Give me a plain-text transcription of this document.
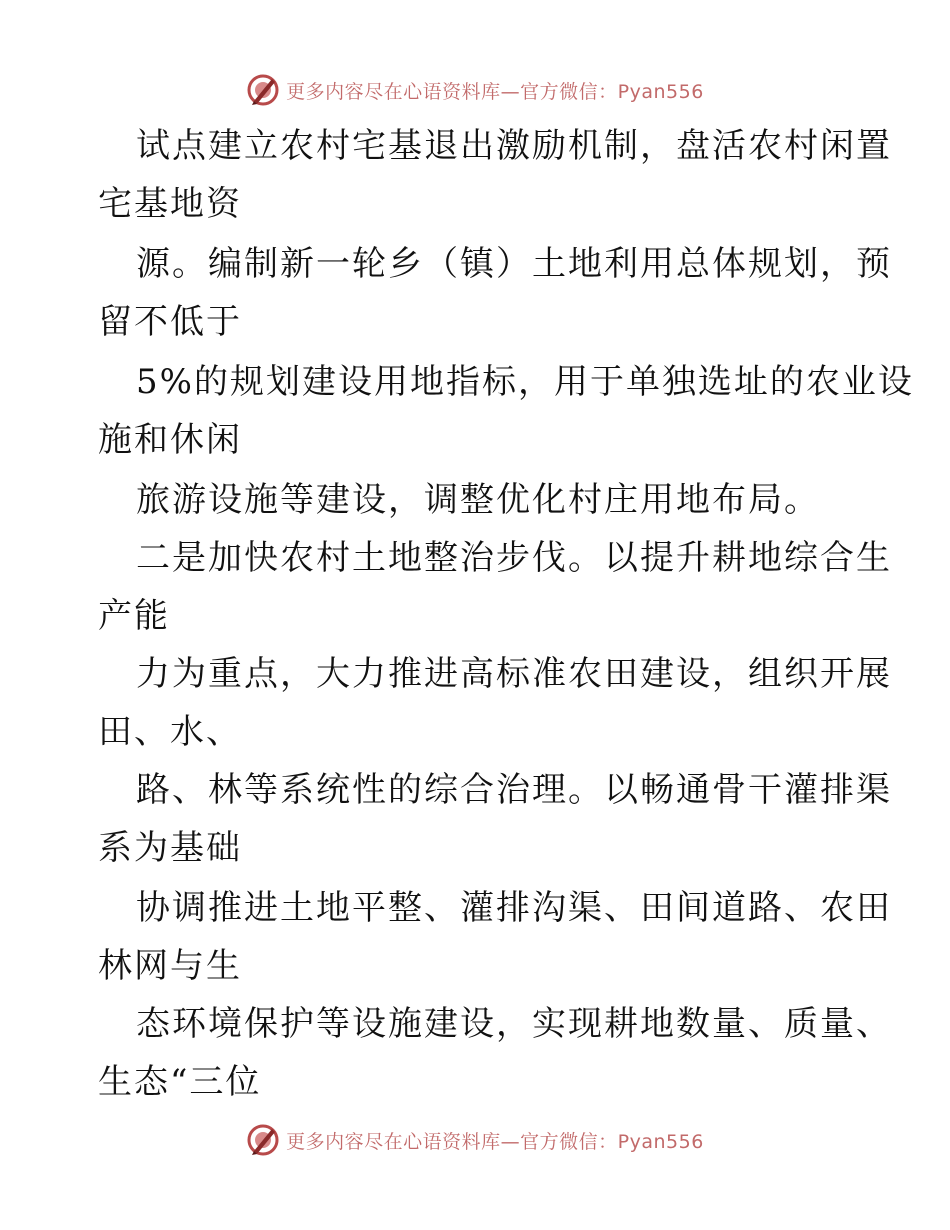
更多内容尽在心语资料库—官方微信：Pyan556
试点建立农村宅基退出激励机制，盘活农村闲置
宅基地资
源。编制新一轮乡（镇）土地利用总体规划，预
留不低于
5%的规划建设用地指标，用于单独选址的农业设
施和休闲
旅游设施等建设，调整优化村庄用地布局。
二是加快农村土地整治步伐。以提升耕地综合生
产能
力为重点，大力推进高标准农田建设，组织开展
田、水、
路、林等系统性的综合治理。以畅通骨干灌排渠
系为基础
协调推进土地平整、灌排沟渠、田间道路、农田
林网与生
态环境保护等设施建设，实现耕地数量、质量、
生态“三位
更多内容尽在心语资料库—官方微信：Pyan556
